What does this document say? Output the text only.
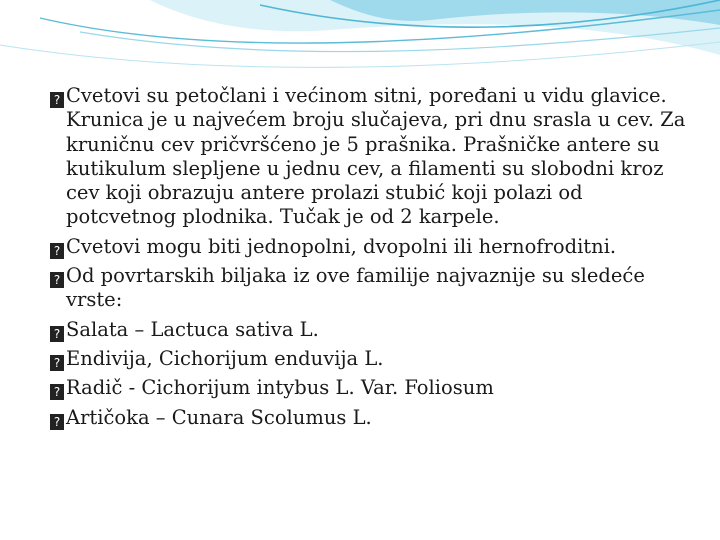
? Cvetovi su petočlani i većinom sitni, poređani u vidu glavice. Krunica je u najvećem broju slučajeva, pri dnu srasla u cev. Za kruničnu cev pričvršćeno je 5 prašnika. Prašničke antere su kutikulum slepljene u jednu cev, a filamenti su slobodni kroz cev koji obrazuju antere prolazi stubić koji polazi od potcvetnog plodnika. Tučak je od 2 karpele.

? Cvetovi mogu biti jednopolni, dvopolni ili hernofroditni.

? Od povrtarskih biljaka iz ove familije najvaznije su sledeće vrste:

? Salata – Lactuca sativa L.

? Endivija, Cichorijum enduvija L.

? Radič - Cichorijum intybus L. Var. Foliosum

? Artičoka – Cunara Scolumus L.
